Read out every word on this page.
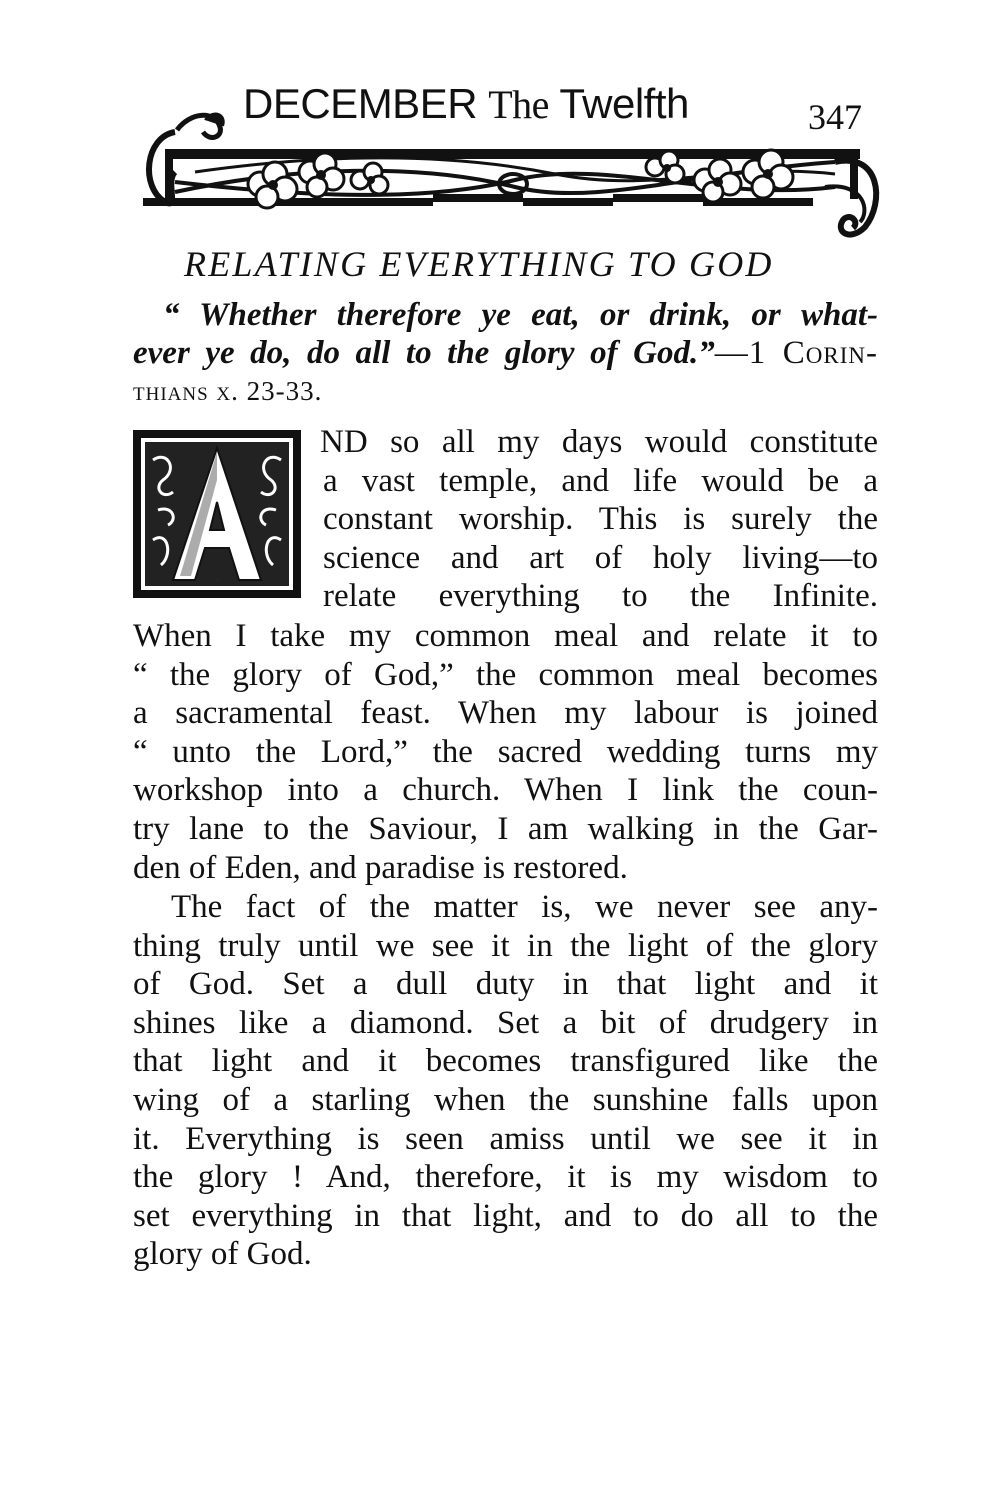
DECEMBER The Twelfth	347
RELATING EVERYTHING TO GOD
“ Whether therefore ye eat, or drink, or what-
ever ye do, do all to the glory of God.”—1 Corin-
thians x. 23-33.
A
ND so all my days would constitute
a vast temple, and life would be a
constant worship. This is surely the
science and art of holy living—to
relate everything to the Infinite.
When I take my common meal and relate it to
“ the glory of God,” the common meal becomes
a sacramental feast. When my labour is joined
“ unto the Lord,” the sacred wedding turns my
workshop into a church. When I link the coun-
try lane to the Saviour, I am walking in the Gar-
den of Eden, and paradise is restored.
The fact of the matter is, we never see any-
thing truly until we see it in the light of the glory
of God. Set a dull duty in that light and it
shines like a diamond. Set a bit of drudgery in
that light and it becomes transfigured like the
wing of a starling when the sunshine falls upon
it. Everything is seen amiss until we see it in
the glory ! And, therefore, it is my wisdom to
set everything in that light, and to do all to the
glory of God.
